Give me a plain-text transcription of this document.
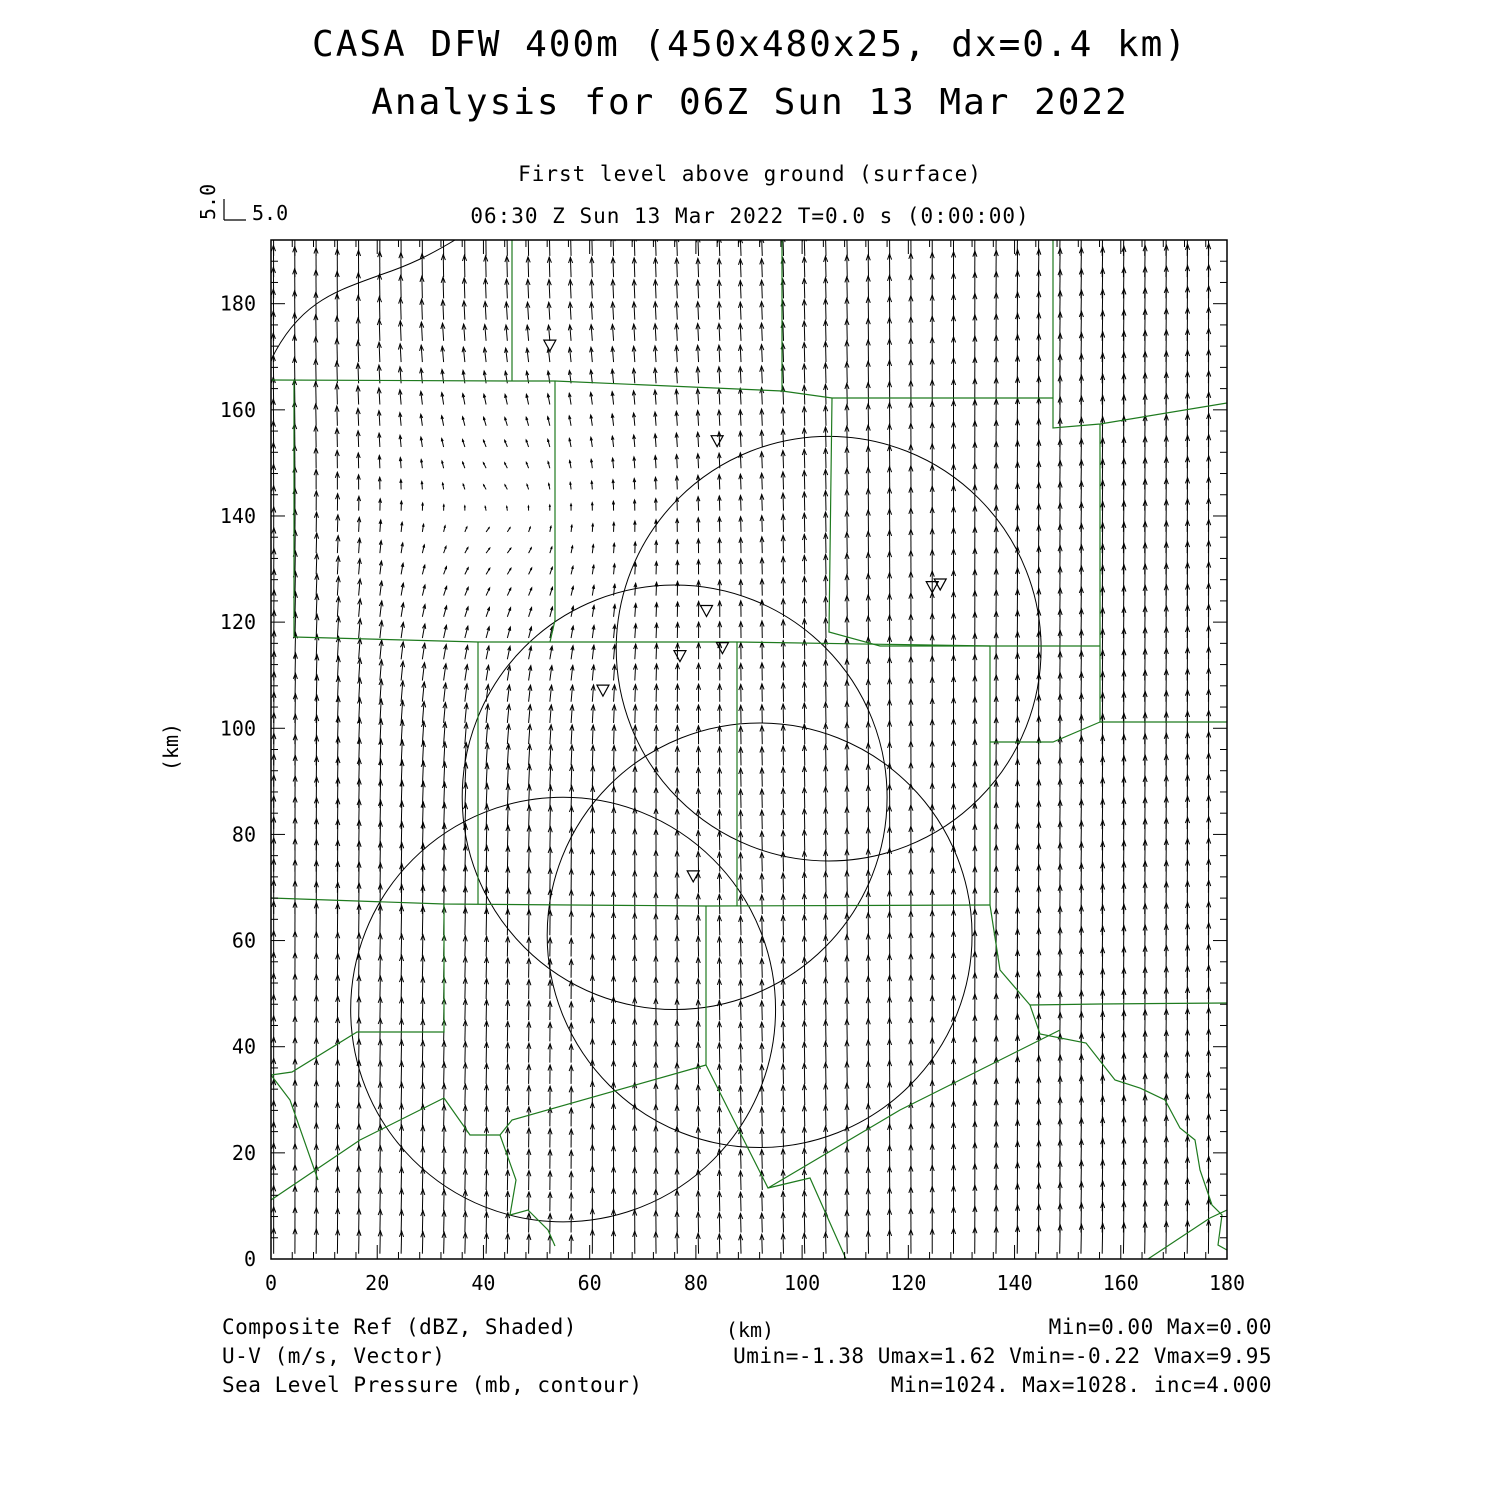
CASA DFW 400m (450x480x25, dx=0.4 km)
Analysis for 06Z Sun 13 Mar 2022
First level above ground (surface)
06:30 Z Sun 13 Mar 2022 T=0.0 s (0:00:00)
5.0
5.0
0	20	40	60	80	100	120	140	160	180
0
20
40
60
80
100
120
140
160
180
(km)
(km)
Composite Ref (dBZ, Shaded)	Min=0.00 Max=0.00
U-V (m/s, Vector)	Umin=-1.38 Umax=1.62 Vmin=-0.22 Vmax=9.95
Sea Level Pressure (mb, contour)	Min=1024. Max=1028. inc=4.000
